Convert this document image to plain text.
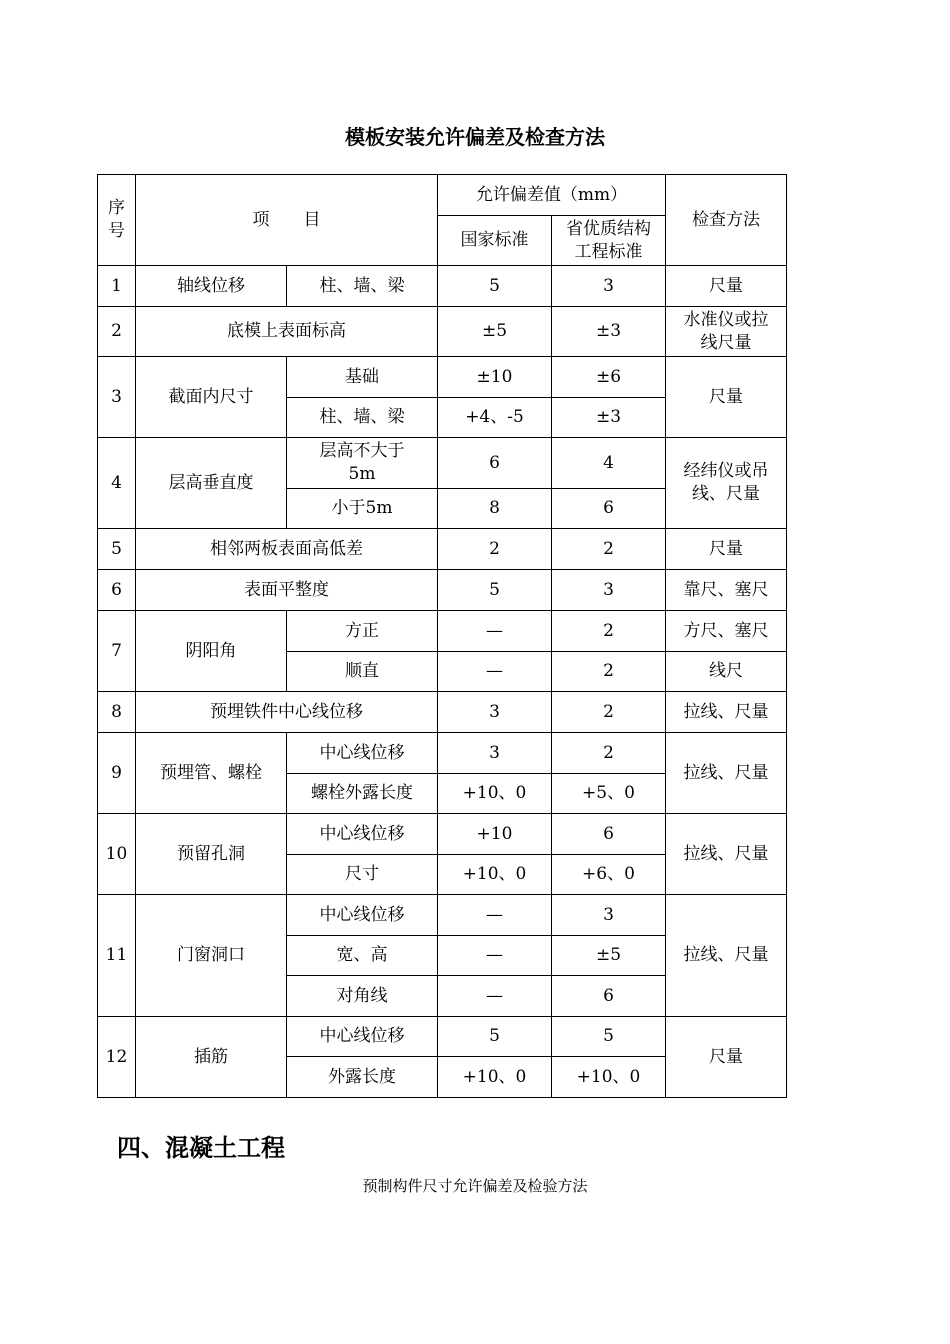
模板安装允许偏差及检查方法
序号	项　　目		允许偏差值（mm）		检查方法
			国家标准	省优质结构工程标准	
1	轴线位移	柱、墙、梁	5	3	尺量
2	底模上表面标高		±5	±3	水准仪或拉线尺量
3	截面内尺寸	基础	±10	±6	尺量
		柱、墙、梁	+4、-5	±3	
4	层高垂直度	层高不大于5m	6	4	经纬仪或吊线、尺量
		小于5m	8	6	
5	相邻两板表面高低差		2	2	尺量
6	表面平整度		5	3	靠尺、塞尺
7	阴阳角	方正	—	2	方尺、塞尺
		顺直	—	2	线尺
8	预埋铁件中心线位移		3	2	拉线、尺量
9	预埋管、螺栓	中心线位移	3	2	拉线、尺量
		螺栓外露长度	+10、0	+5、0	
10	预留孔洞	中心线位移	+10	6	拉线、尺量
		尺寸	+10、0	+6、0	
11	门窗洞口	中心线位移	—	3	拉线、尺量
		宽、高	—	±5	
		对角线	—	6	
12	插筋	中心线位移	5	5	尺量
		外露长度	+10、0	+10、0	
四、混凝土工程
预制构件尺寸允许偏差及检验方法
